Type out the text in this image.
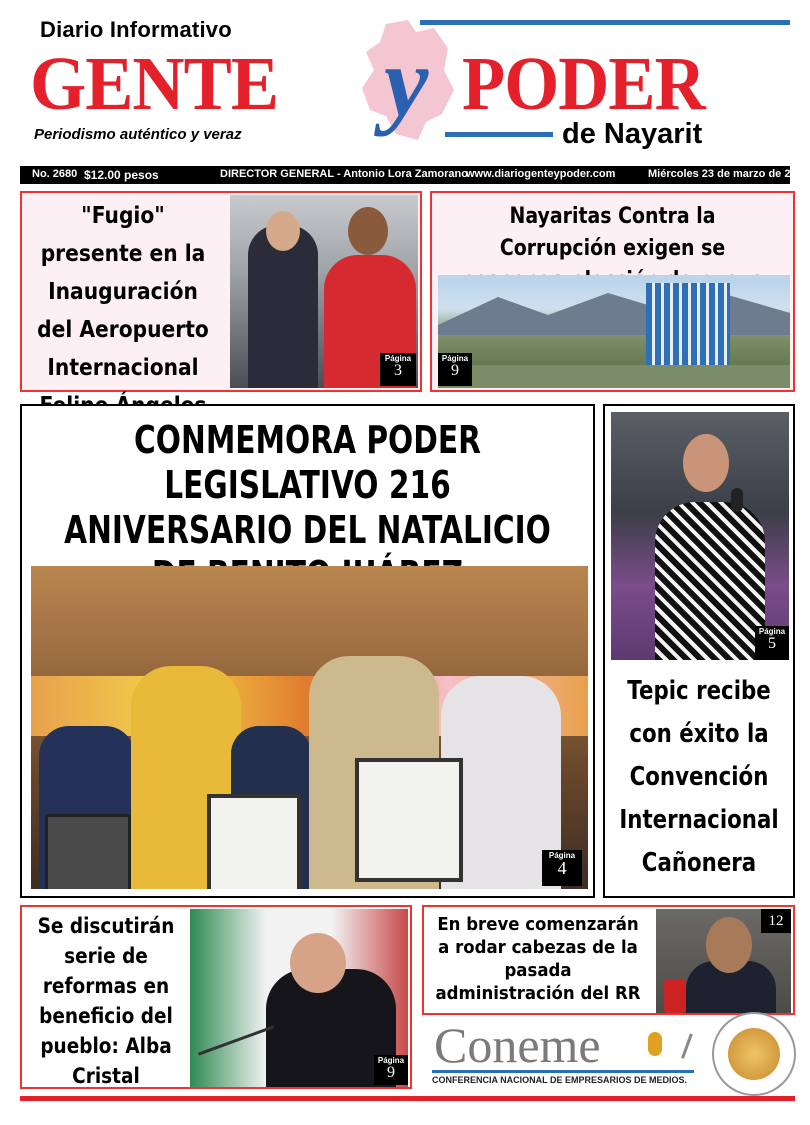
Diario Informativo
GENTE y PODER
Periodismo auténtico y veraz	de Nayarit
No. 2680 $12.00 pesos	DIRECTOR GENERAL - Antonio Lora Zamorano
www.diariogenteypoder.com	Miércoles 23 de marzo de 2022
"Fugio" presente en la Inauguración del Aeropuerto Internacional	Página
3
Nayaritas Contra la Corrupción exigen se
Página
9
CONMEMORA PODER LEGISLATIVO 216 ANIVERSARIO DEL NATALICIO
Página
4
Página
5
Tepic recibe con éxito la Convención Internacional Cañonera
Se discutirán serie de reformas en beneficio del pueblo: Alba Cristal
Página
9
En breve comenzarán a rodar cabezas de la pasada administración del RR
12
Coneme
CONFERENCIA NACIONAL DE EMPRESARIOS DE MEDIOS.
